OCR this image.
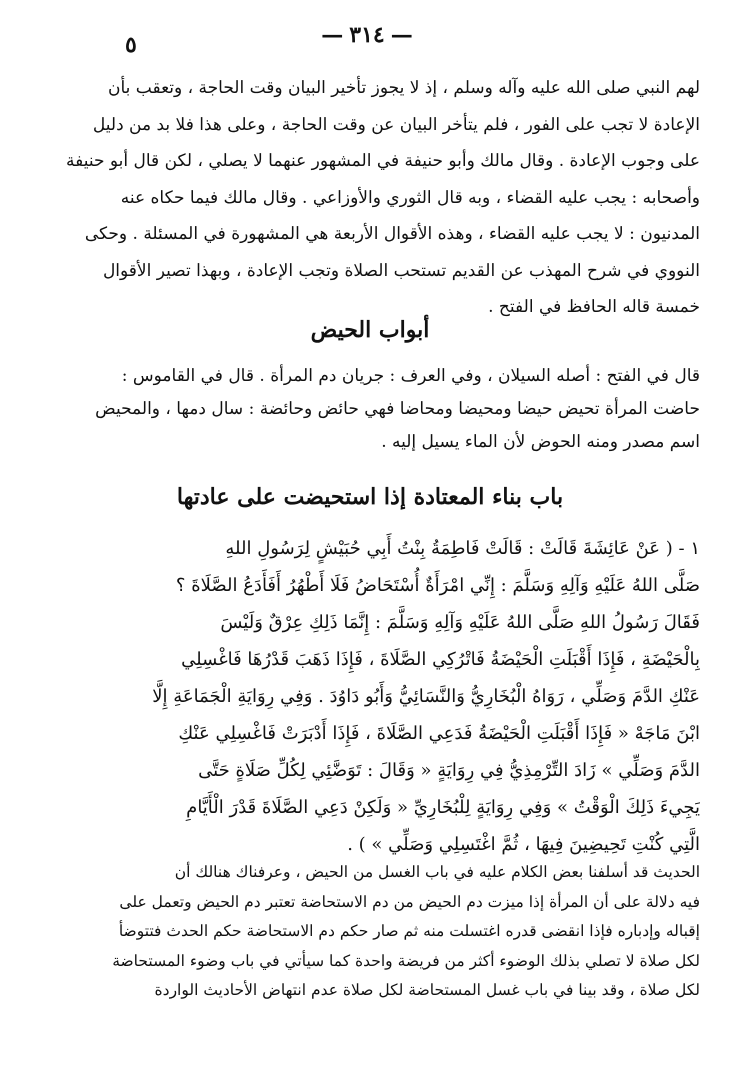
—٣١٤—
٥
لهم النبي صلى الله عليه وآله وسلم ، إذ لا يجوز تأخير البيان وقت الحاجة ، وتعقب بأن
الإعادة لا تجب على الفور ، فلم يتأخر البيان عن وقت الحاجة ، وعلى هذا فلا بد من دليل
على وجوب الإعادة . وقال مالك وأبو حنيفة في المشهور عنهما لا يصلي ، لكن قال أبو حنيفة
وأصحابه : يجب عليه القضاء ، وبه قال الثوري والأوزاعي . وقال مالك فيما حكاه عنه
المدنيون : لا يجب عليه القضاء ، وهذه الأقوال الأربعة هي المشهورة في المسئلة . وحكى
النووي في شرح المهذب عن القديم تستحب الصلاة وتجب الإعادة ، وبهذا تصير الأقوال
خمسة قاله الحافظ في الفتح .
أبواب الحيض
قال في الفتح : أصله السيلان ، وفي العرف : جريان دم المرأة . قال في القاموس :
حاضت المرأة تحيض حيضا ومحيضا ومحاضا فهي حائض وحائضة : سال دمها ، والمحيض
اسم مصدر ومنه الحوض لأن الماء يسيل إليه .
باب بناء المعتادة إذا استحيضت على عادتها
١ - ( عَنْ عَائِشَةَ قَالَتْ : قَالَتْ فَاطِمَةُ بِنْتُ أَبِي حُبَيْشٍ لِرَسُولِ اللهِ
صَلَّى اللهُ عَلَيْهِ وَآلِهِ وَسَلَّمَ : إِنِّي امْرَأَةٌ أُسْتَحَاضُ فَلَا أَطْهُرُ أَفَأَدَعُ الصَّلَاةَ ؟
فَقَالَ رَسُولُ اللهِ صَلَّى اللهُ عَلَيْهِ وَآلِهِ وَسَلَّمَ : إِنَّمَا ذَلِكِ عِرْقٌ وَلَيْسَ
بِالْحَيْضَةِ ، فَإِذَا أَقْبَلَتِ الْحَيْضَةُ فَاتْرُكِي الصَّلَاةَ ، فَإِذَا ذَهَبَ قَدْرُهَا فَاغْسِلِي
عَنْكِ الدَّمَ وَصَلِّي ، رَوَاهُ الْبُخَارِيُّ وَالنَّسَائِيُّ وَأَبُو دَاوُدَ . وَفِي رِوَايَةِ الْجَمَاعَةِ إِلَّا
ابْنَ مَاجَهْ « فَإِذَا أَقْبَلَتِ الْحَيْضَةُ فَدَعِي الصَّلَاةَ ، فَإِذَا أَدْبَرَتْ فَاغْسِلِي عَنْكِ
الدَّمَ وَصَلِّي » زَادَ التِّرْمِذِيُّ فِي رِوَايَةٍ « وَقَالَ : تَوَضَّئِي لِكُلِّ صَلَاةٍ حَتَّى
يَجِيءَ ذَلِكَ الْوَقْتُ » وَفِي رِوَايَةٍ لِلْبُخَارِيِّ « وَلَكِنْ دَعِي الصَّلَاةَ قَدْرَ الْأَيَّامِ
الَّتِي كُنْتِ تَحِيضِينَ فِيهَا ، ثُمَّ اغْتَسِلِي وَصَلِّي » ) .
الحديث قد أسلفنا بعض الكلام عليه في باب الغسل من الحيض ، وعرفناك هنالك أن
فيه دلالة على أن المرأة إذا ميزت دم الحيض من دم الاستحاضة تعتبر دم الحيض وتعمل على
إقباله وإدباره فإذا انقضى قدره اغتسلت منه ثم صار حكم دم الاستحاضة حكم الحدث فتتوضأ
لكل صلاة لا تصلي بذلك الوضوء أكثر من فريضة واحدة كما سيأتي في باب وضوء المستحاضة
لكل صلاة ، وقد بينا في باب غسل المستحاضة لكل صلاة عدم انتهاض الأحاديث الواردة
